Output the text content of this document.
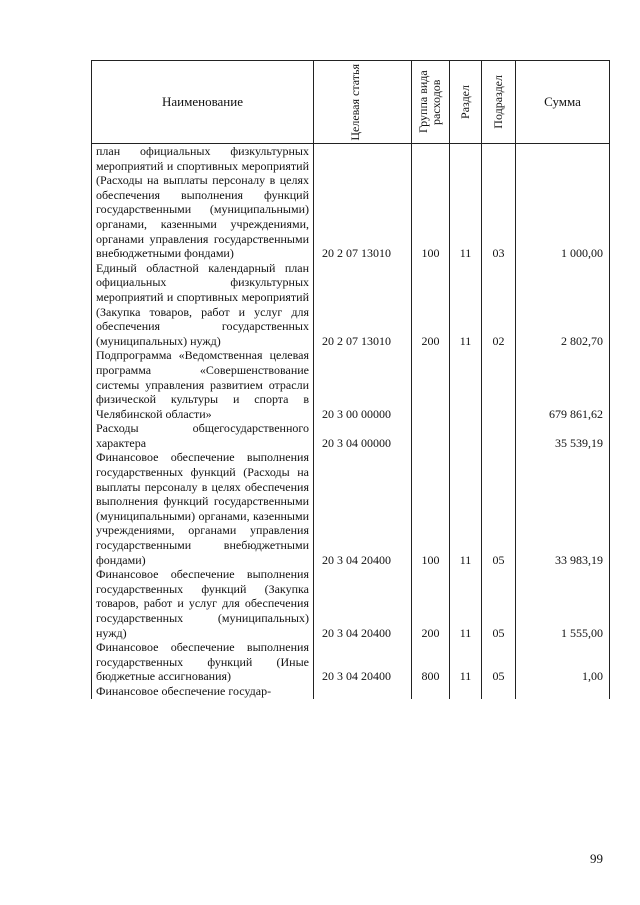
Наименование	Целевая статья	Группа вида расходов	Раздел	Подраздел	Сумма
план официальных физкультурных мероприятий и спортивных мероприятий (Расходы на выплаты персоналу в целях обеспечения выполнения функций государственными (муниципальными) органами, казенными учреждениями, органами управления государственными внебюджетными фондами)	20 2 07 13010	100	11	03	1 000,00
Единый областной календарный план официальных физкультурных мероприятий и спортивных мероприятий (Закупка товаров, работ и услуг для обеспечения государственных (муниципальных) нужд)	20 2 07 13010	200	11	02	2 802,70
Подпрограмма «Ведомственная целевая программа «Совершенствование системы управления развитием отрасли физической культуры и спорта в Челябинской области»	20 3 00 00000				679 861,62
Расходы общегосударственного характера	20 3 04 00000				35 539,19
Финансовое обеспечение выполнения государственных функций (Расходы на выплаты персоналу в целях обеспечения выполнения функций государственными (муниципальными) органами, казенными учреждениями, органами управления государственными внебюджетными фондами)	20 3 04 20400	100	11	05	33 983,19
Финансовое обеспечение выполнения государственных функций (Закупка товаров, работ и услуг для обеспечения государственных (муниципальных) нужд)	20 3 04 20400	200	11	05	1 555,00
Финансовое обеспечение выполнения государственных функций (Иные бюджетные ассигнования)	20 3 04 20400	800	11	05	1,00
Финансовое обеспечение государ-					
99
